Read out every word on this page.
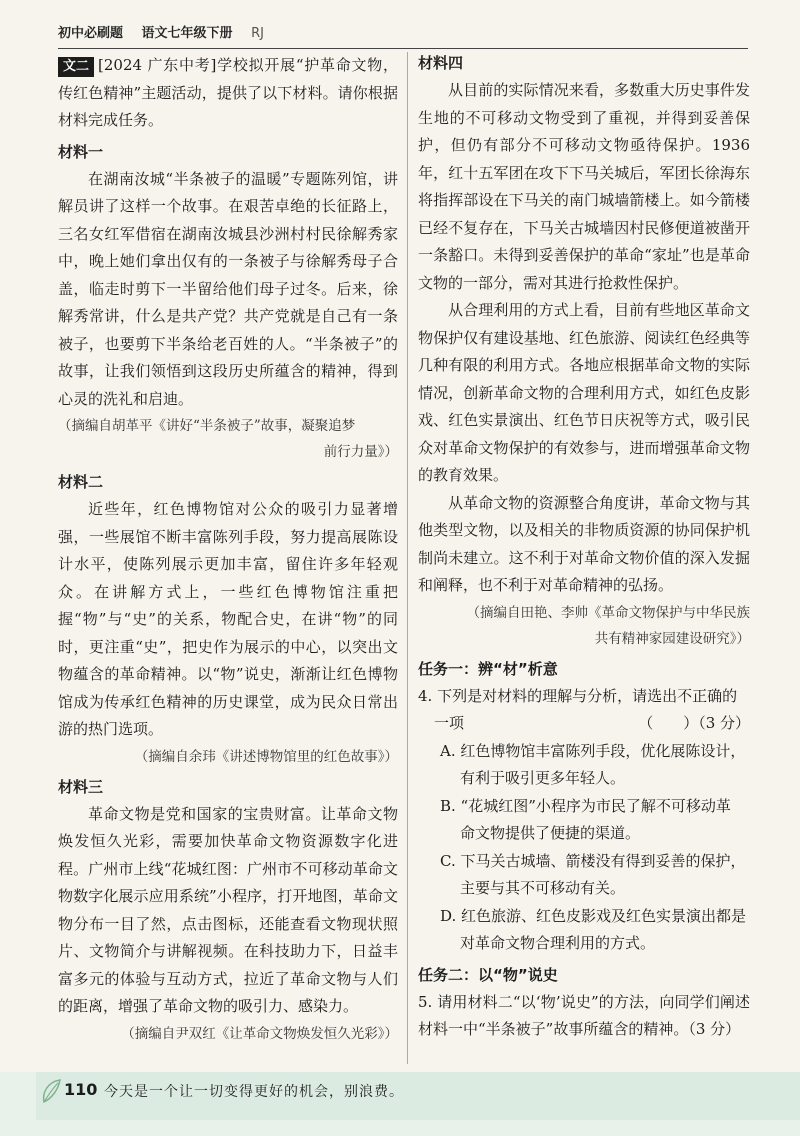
初中必刷题 语文七年级下册 RJ

文二 [2024 广东中考]学校拟开展“护革命文物，传红色精神”主题活动，提供了以下材料。请你根据材料完成任务。

材料一

在湖南汝城“半条被子的温暖”专题陈列馆，讲解员讲了这样一个故事。在艰苦卓绝的长征路上，三名女红军借宿在湖南汝城县沙洲村村民徐解秀家中，晚上她们拿出仅有的一条被子与徐解秀母子合盖，临走时剪下一半留给他们母子过冬。后来，徐解秀常讲，什么是共产党？共产党就是自己有一条被子，也要剪下半条给老百姓的人。“半条被子”的故事，让我们领悟到这段历史所蕴含的精神，得到心灵的洗礼和启迪。

（摘编自胡革平《讲好“半条被子”故事，凝聚追梦

前行力量》）

材料二

近些年，红色博物馆对公众的吸引力显著增强，一些展馆不断丰富陈列手段，努力提高展陈设计水平，使陈列展示更加丰富，留住许多年轻观众。在讲解方式上，一些红色博物馆注重把握“物”与“史”的关系，物配合史，在讲“物”的同时，更注重“史”，把史作为展示的中心，以突出文物蕴含的革命精神。以“物”说史，渐渐让红色博物馆成为传承红色精神的历史课堂，成为民众日常出游的热门选项。

（摘编自余玮《讲述博物馆里的红色故事》）

材料三

革命文物是党和国家的宝贵财富。让革命文物焕发恒久光彩，需要加快革命文物资源数字化进程。广州市上线“花城红图：广州市不可移动革命文物数字化展示应用系统”小程序，打开地图，革命文物分布一目了然，点击图标，还能查看文物现状照片、文物简介与讲解视频。在科技助力下，日益丰富多元的体验与互动方式，拉近了革命文物与人们的距离，增强了革命文物的吸引力、感染力。

（摘编自尹双红《让革命文物焕发恒久光彩》）

材料四

从目前的实际情况来看，多数重大历史事件发生地的不可移动文物受到了重视，并得到妥善保护，但仍有部分不可移动文物亟待保护。1936 年，红十五军团在攻下下马关城后，军团长徐海东将指挥部设在下马关的南门城墙箭楼上。如今箭楼已经不复存在，下马关古城墙因村民修便道被凿开一条豁口。未得到妥善保护的革命“家址”也是革命文物的一部分，需对其进行抢救性保护。

从合理利用的方式上看，目前有些地区革命文物保护仅有建设基地、红色旅游、阅读红色经典等几种有限的利用方式。各地应根据革命文物的实际情况，创新革命文物的合理利用方式，如红色皮影戏、红色实景演出、红色节日庆祝等方式，吸引民众对革命文物保护的有效参与，进而增强革命文物的教育效果。

从革命文物的资源整合角度讲，革命文物与其他类型文物，以及相关的非物质资源的协同保护机制尚未建立。这不利于对革命文物价值的深入发掘和阐释，也不利于对革命精神的弘扬。

（摘编自田艳、李帅《革命文物保护与中华民族

共有精神家园建设研究》）

任务一：辨“材”析意
4. 下列是对材料的理解与分析，请选出不正确的
一项	（　　）（3 分）
A. 红色博物馆丰富陈列手段，优化展陈设计，
有利于吸引更多年轻人。
B. “花城红图”小程序为市民了解不可移动革
命文物提供了便捷的渠道。
C. 下马关古城墙、箭楼没有得到妥善的保护，
主要与其不可移动有关。
D. 红色旅游、红色皮影戏及红色实景演出都是
对革命文物合理利用的方式。
任务二：以“物”说史

5. 请用材料二“以‘物’说史”的方法，向同学们阐述材料一中“半条被子”故事所蕴含的精神。（3 分）

110 今天是一个让一切变得更好的机会，别浪费。
